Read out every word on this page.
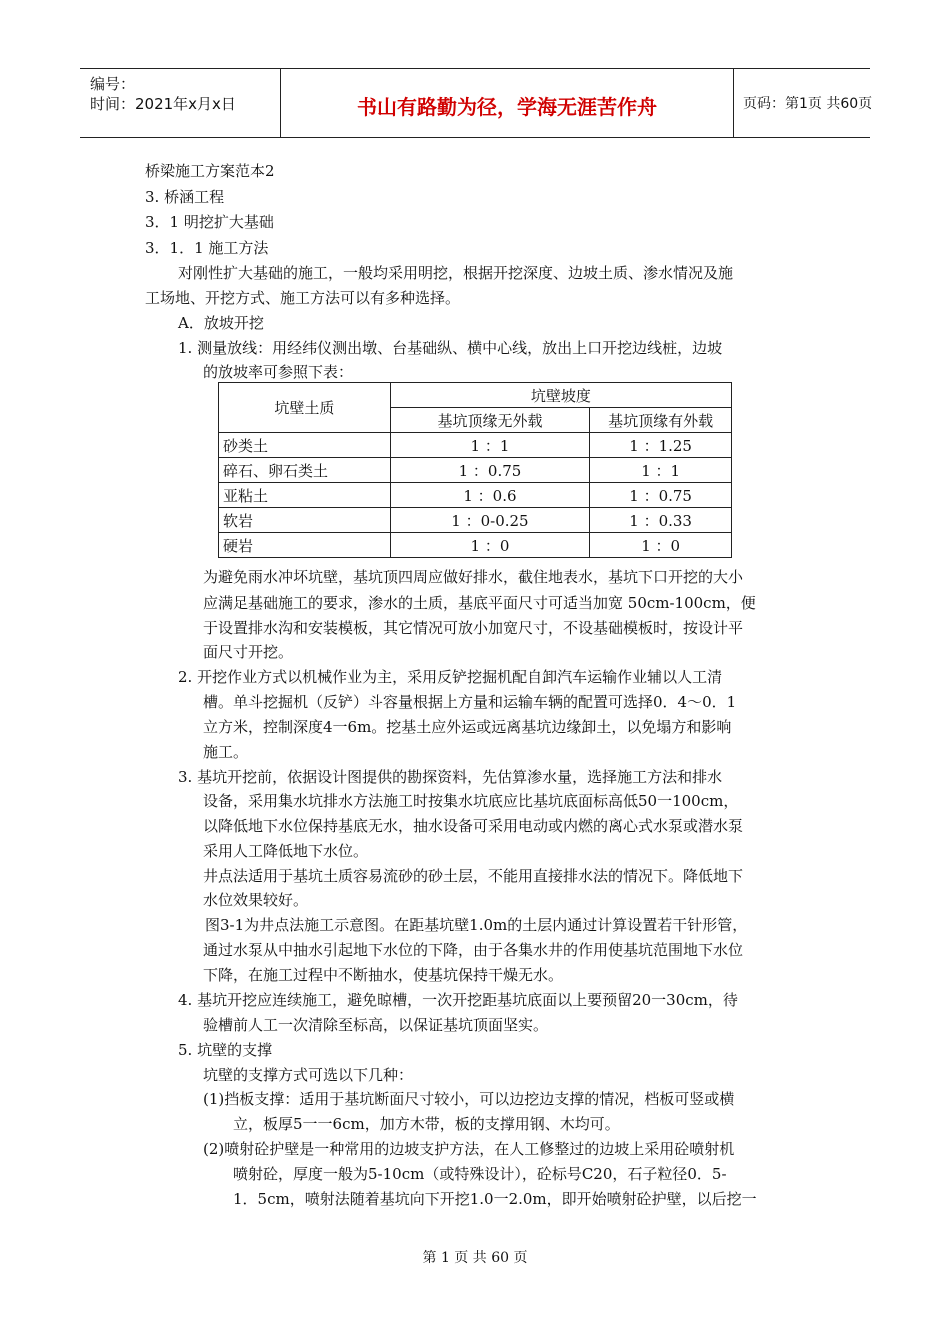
编号：
时间：2021年x月x日	书山有路勤为径，学海无涯苦作舟	页码：第1页 共60页
桥梁施工方案范本2
3. 桥涵工程
3．1 明挖扩大基础
3．1．1 施工方法
对刚性扩大基础的施工，一般均采用明挖，根据开挖深度、边坡土质、渗水情况及施
工场地、开挖方式、施工方法可以有多种选择。
A．放坡开挖
1. 测量放线：用经纬仪测出墩、台基础纵、横中心线，放出上口开挖边线桩，边坡
的放坡率可参照下表：
坑壁土质	坑壁坡度	
	基坑顶缘无外载	基坑顶缘有外载
砂类土	1 ：1	1 ：1.25
碎石、卵石类土	1 ：0.75	1 ：1
亚粘土	1 ：0.6	1 ：0.75
软岩	1 ：0-0.25	1 ：0.33
硬岩	1 ：0	1 ：0
为避免雨水冲坏坑壁，基坑顶四周应做好排水，截住地表水，基坑下口开挖的大小
应满足基础施工的要求，渗水的土质，基底平面尺寸可适当加宽 50cm-100cm，便
于设置排水沟和安装模板，其它情况可放小加宽尺寸，不设基础模板时，按设计平
面尺寸开挖。
2. 开挖作业方式以机械作业为主，采用反铲挖掘机配自卸汽车运输作业辅以人工清
槽。单斗挖掘机（反铲）斗容量根据上方量和运输车辆的配置可选择0．4～0．1
立方米，控制深度4一6m。挖基土应外运或远离基坑边缘卸土，以免塌方和影响
施工。
3. 基坑开挖前，依据设计图提供的勘探资料，先估算渗水量，选择施工方法和排水
设备，采用集水坑排水方法施工时按集水坑底应比基坑底面标高低50一100cm，
以降低地下水位保持基底无水，抽水设备可采用电动或内燃的离心式水泵或潜水泵
采用人工降低地下水位。
井点法适用于基坑土质容易流砂的砂土层，不能用直接排水法的情况下。降低地下
水位效果较好。
图3-1为井点法施工示意图。在距基坑壁1.0m的土层内通过计算设置若干针形管，
通过水泵从中抽水引起地下水位的下降，由于各集水井的作用使基坑范围地下水位
下降，在施工过程中不断抽水，使基坑保持干燥无水。
4. 基坑开挖应连续施工，避免晾槽，一次开挖距基坑底面以上要预留20一30cm，待
验槽前人工一次清除至标高，以保证基坑顶面坚实。
5. 坑壁的支撑
坑壁的支撑方式可选以下几种：
(1)挡板支撑：适用于基坑断面尺寸较小，可以边挖边支撑的情况，档板可竖或横
立，板厚5一一6cm，加方木带，板的支撑用钢、木均可。
(2)喷射砼护壁是一种常用的边坡支护方法，在人工修整过的边坡上采用砼喷射机
喷射砼，厚度一般为5-10cm（或特殊设计），砼标号C20，石子粒径0．5-
1．5cm，喷射法随着基坑向下开挖1.0一2.0m，即开始喷射砼护壁，以后挖一
第 1 页 共 60 页
